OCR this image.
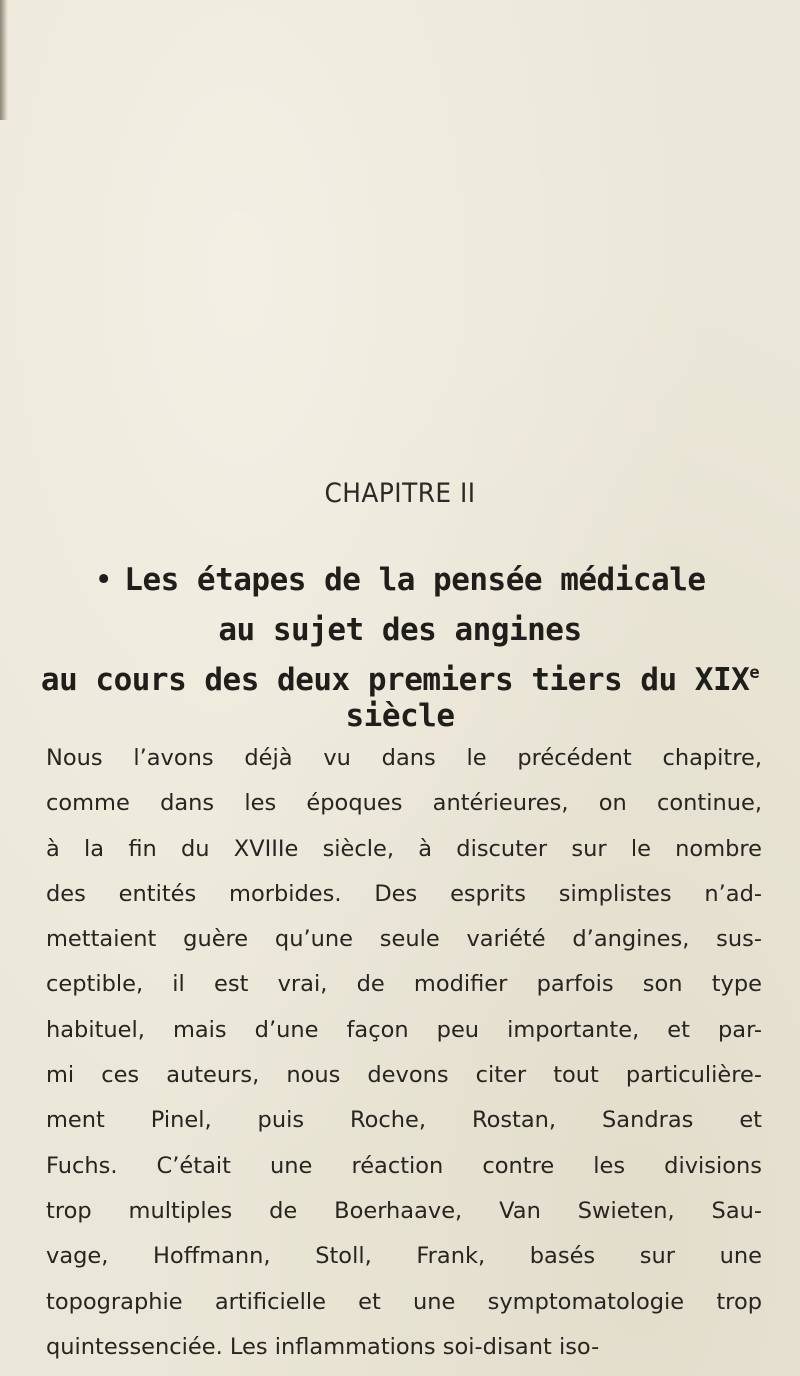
CHAPITRE II
• Les étapes de la pensée médicale
au sujet des angines
au cours des deux premiers tiers du XIXe siècle
Nous l’avons déjà vu dans le précédent chapitre,
comme dans les époques antérieures, on continue,
à la fin du XVIIIe siècle, à discuter sur le nombre
des entités morbides. Des esprits simplistes n’ad-
mettaient guère qu’une seule variété d’angines, sus-
ceptible, il est vrai, de modifier parfois son type
habituel, mais d’une façon peu importante, et par-
mi ces auteurs, nous devons citer tout particulière-
ment Pinel, puis Roche, Rostan, Sandras et
Fuchs. C’était une réaction contre les divisions
trop multiples de Boerhaave, Van Swieten, Sau-
vage, Hoffmann, Stoll, Frank, basés sur une
topographie artificielle et une symptomatologie trop
quintessenciée. Les inflammations soi-disant iso-
